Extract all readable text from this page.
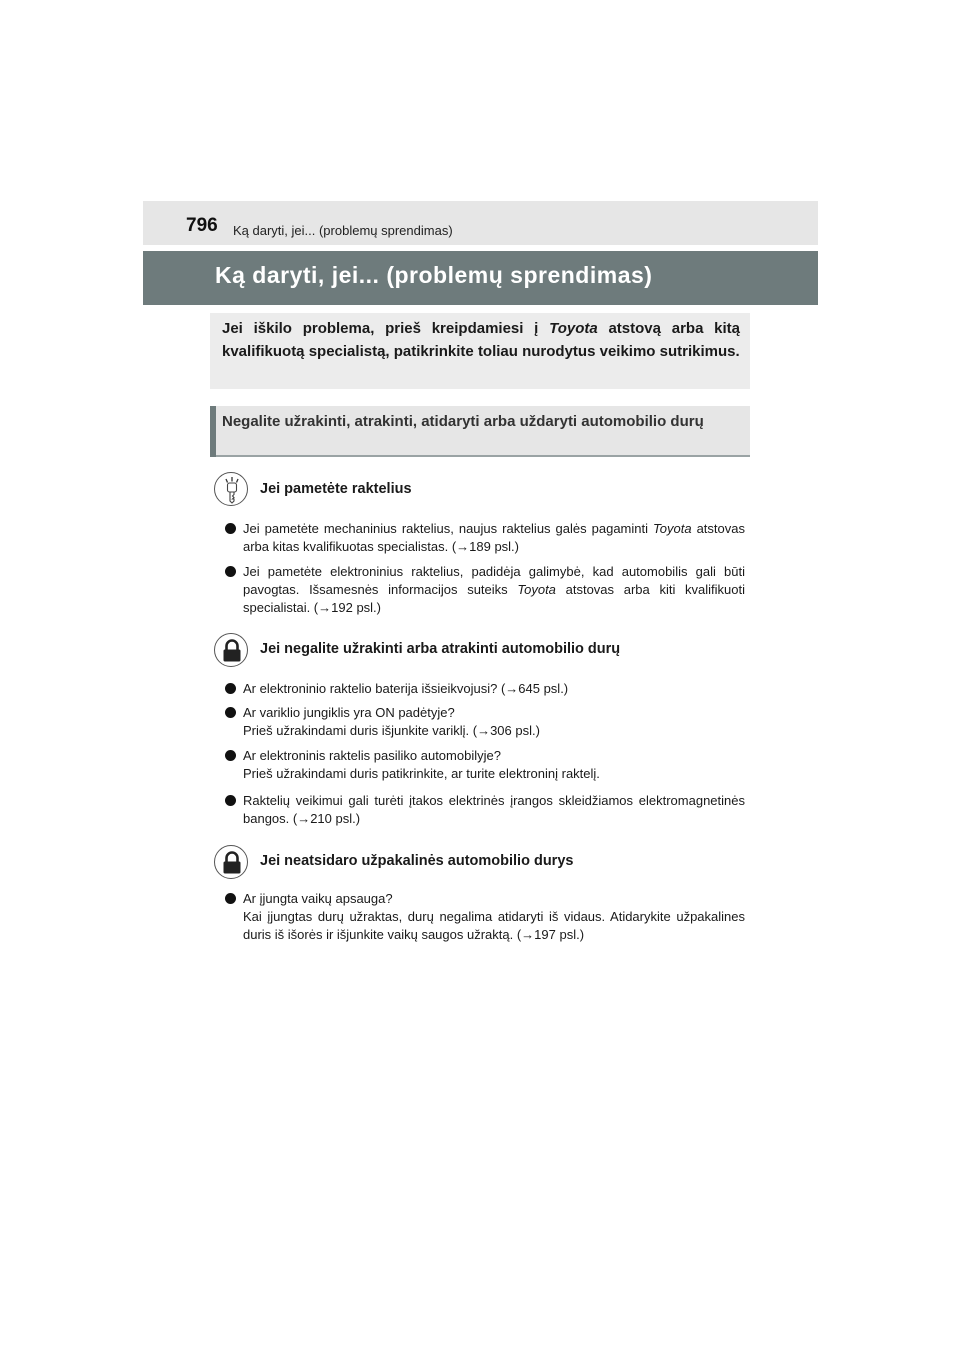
796 Ką daryti, jei... (problemų sprendimas)
Ką daryti, jei... (problemų sprendimas)
Jei iškilo problema, prieš kreipdamiesi į Toyota atstovą arba kitą kvalifikuotą specialistą, patikrinkite toliau nurodytus veikimo sutrikimus.
Negalite užrakinti, atrakinti, atidaryti arba uždaryti automobilio durų
Jei pametėte raktelius
Jei pametėte mechaninius raktelius, naujus raktelius galės pagaminti Toyota atstovas arba kitas kvalifikuotas specialistas. (→189 psl.)
Jei pametėte elektroninius raktelius, padidėja galimybė, kad automobilis gali būti pavogtas. Išsamesnės informacijos suteiks Toyota atstovas arba kiti kvalifikuoti specialistai. (→192 psl.)
Jei negalite užrakinti arba atrakinti automobilio durų
Ar elektroninio raktelio baterija išsieikvojusi? (→645 psl.)
Ar variklio jungiklis yra ON padėtyje?
Prieš užrakindami duris išjunkite variklį. (→306 psl.)
Ar elektroninis raktelis pasiliko automobilyje?
Prieš užrakindami duris patikrinkite, ar turite elektroninį raktelį.
Raktelių veikimui gali turėti įtakos elektrinės įrangos skleidžiamos elektromagnetinės bangos. (→210 psl.)
Jei neatsidaro užpakalinės automobilio durys
Ar įjungta vaikų apsauga?
Kai įjungtas durų užraktas, durų negalima atidaryti iš vidaus. Atidarykite užpakalines duris iš išorės ir išjunkite vaikų saugos užraktą. (→197 psl.)
